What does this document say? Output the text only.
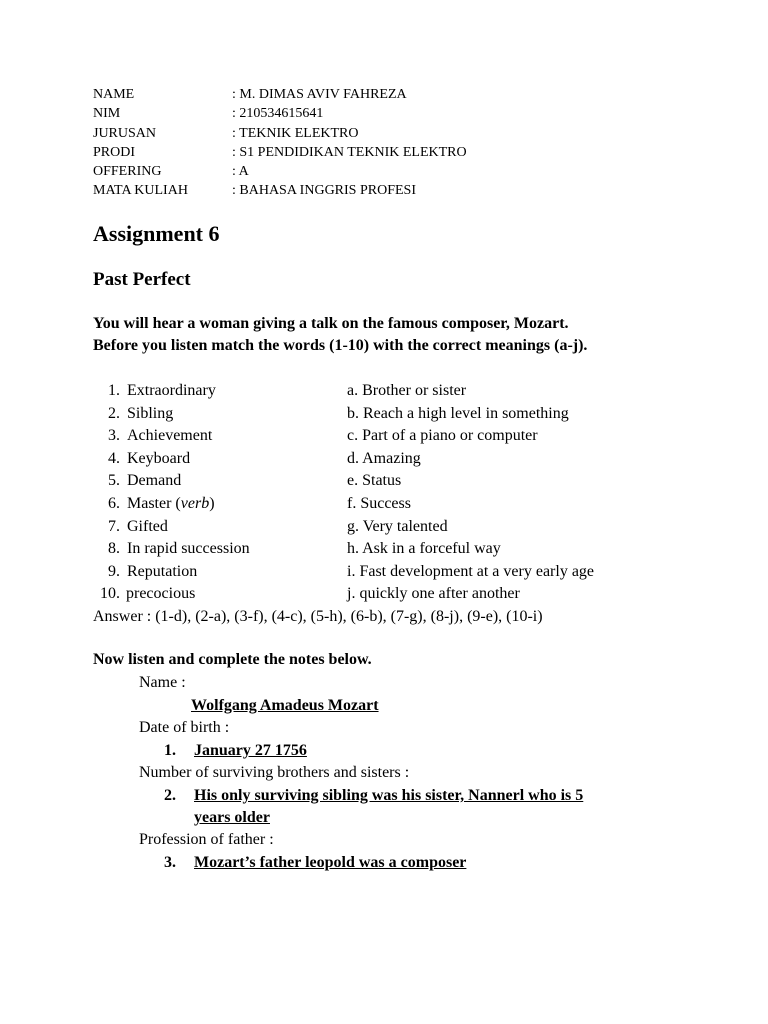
NAME	: M. DIMAS AVIV FAHREZA
NIM	: 210534615641
JURUSAN	: TEKNIK ELEKTRO
PRODI	: S1 PENDIDIKAN TEKNIK ELEKTRO
OFFERING	: A
MATA KULIAH	: BAHASA INGGRIS PROFESI
Assignment 6
Past Perfect
You will hear a woman giving a talk on the famous composer, Mozart.
Before you listen match the words (1-10) with the correct meanings (a-j).
1. Extraordinary	a. Brother or sister
2. Sibling	b. Reach a high level in something
3. Achievement	c. Part of a piano or computer
4. Keyboard	d. Amazing
5. Demand	e. Status
6. Master (verb)	f. Success
7. Gifted	g. Very talented
8. In rapid succession	h. Ask in a forceful way
9. Reputation	i. Fast development at a very early age
10. precocious	j. quickly one after another
Answer : (1-d), (2-a), (3-f), (4-c), (5-h), (6-b), (7-g), (8-j), (9-e), (10-i)
Now listen and complete the notes below.
Name :
Wolfgang Amadeus Mozart
Date of birth :
1. January 27 1756
Number of surviving brothers and sisters :
2. His only surviving sibling was his sister, Nannerl who is 5
years older
Profession of father :
3. Mozart’s father leopold was a composer
